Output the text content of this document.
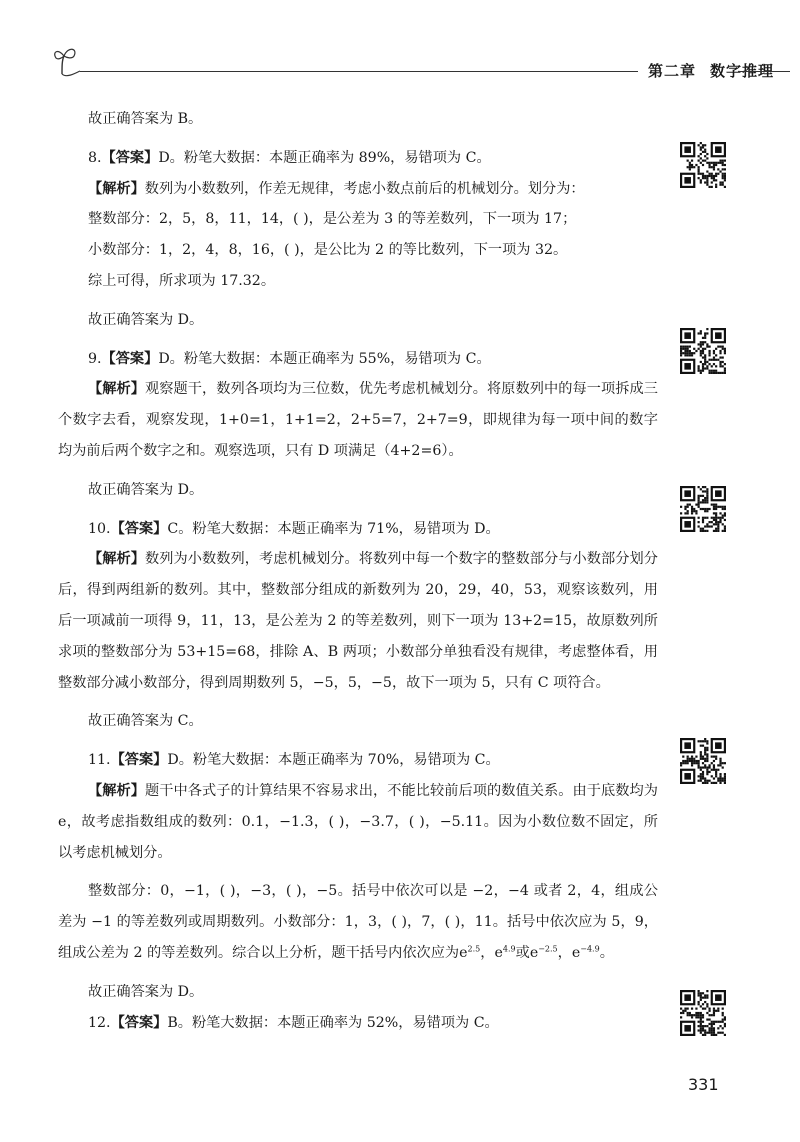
第二章 数字推理

故正确答案为 B。

8.【答案】D。粉笔大数据：本题正确率为 89%，易错项为 C。

【解析】数列为小数数列，作差无规律，考虑小数点前后的机械划分。划分为：

整数部分：2，5，8，11，14，( )，是公差为 3 的等差数列，下一项为 17；

小数部分：1，2，4，8，16，( )，是公比为 2 的等比数列，下一项为 32。

综上可得，所求项为 17.32。

故正确答案为 D。

9.【答案】D。粉笔大数据：本题正确率为 55%，易错项为 C。

【解析】观察题干，数列各项均为三位数，优先考虑机械划分。将原数列中的每一项拆成三个数字去看，观察发现，1+0=1，1+1=2，2+5=7，2+7=9，即规律为每一项中间的数字均为前后两个数字之和。观察选项，只有 D 项满足（4+2=6）。

故正确答案为 D。

10.【答案】C。粉笔大数据：本题正确率为 71%，易错项为 D。

【解析】数列为小数数列，考虑机械划分。将数列中每一个数字的整数部分与小数部分划分后，得到两组新的数列。其中，整数部分组成的新数列为 20，29，40，53，观察该数列，用后一项减前一项得 9，11，13，是公差为 2 的等差数列，则下一项为 13+2=15，故原数列所求项的整数部分为 53+15=68，排除 A、B 两项；小数部分单独看没有规律，考虑整体看，用整数部分减小数部分，得到周期数列 5，−5，5，−5，故下一项为 5，只有 C 项符合。

故正确答案为 C。

11.【答案】D。粉笔大数据：本题正确率为 70%，易错项为 C。

【解析】题干中各式子的计算结果不容易求出，不能比较前后项的数值关系。由于底数均为 e，故考虑指数组成的数列：0.1，−1.3，( )，−3.7，( )，−5.11。因为小数位数不固定，所以考虑机械划分。

整数部分：0，−1，( )，−3，( )，−5。括号中依次可以是 −2，−4 或者 2，4，组成公差为 −1 的等差数列或周期数列。小数部分：1，3，( )，7，( )，11。括号中依次应为 5，9，组成公差为 2 的等差数列。综合以上分析，题干括号内依次应为$e^{2.5}$，$e^{4.9}$或$e^{-2.5}$，$e^{-4.9}$。

故正确答案为 D。

12.【答案】B。粉笔大数据：本题正确率为 52%，易错项为 C。

331
